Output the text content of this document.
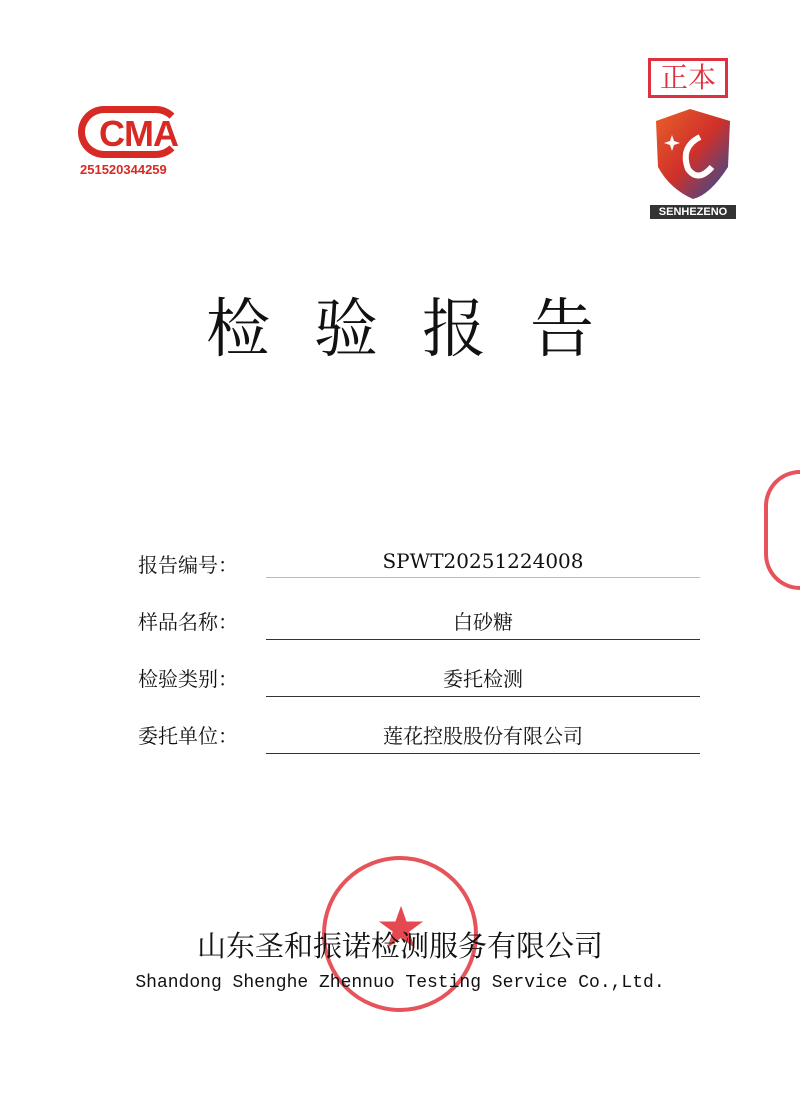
CMA
251520344259
正本
SENHEZENO
检验报告
报告编号：	SPWT20251224008
样品名称：	白砂糖
检验类别：	委托检测
委托单位：	莲花控股股份有限公司
山东圣和振诺检测服务有限公司
Shandong Shenghe Zhennuo Testing Service Co.,Ltd.
